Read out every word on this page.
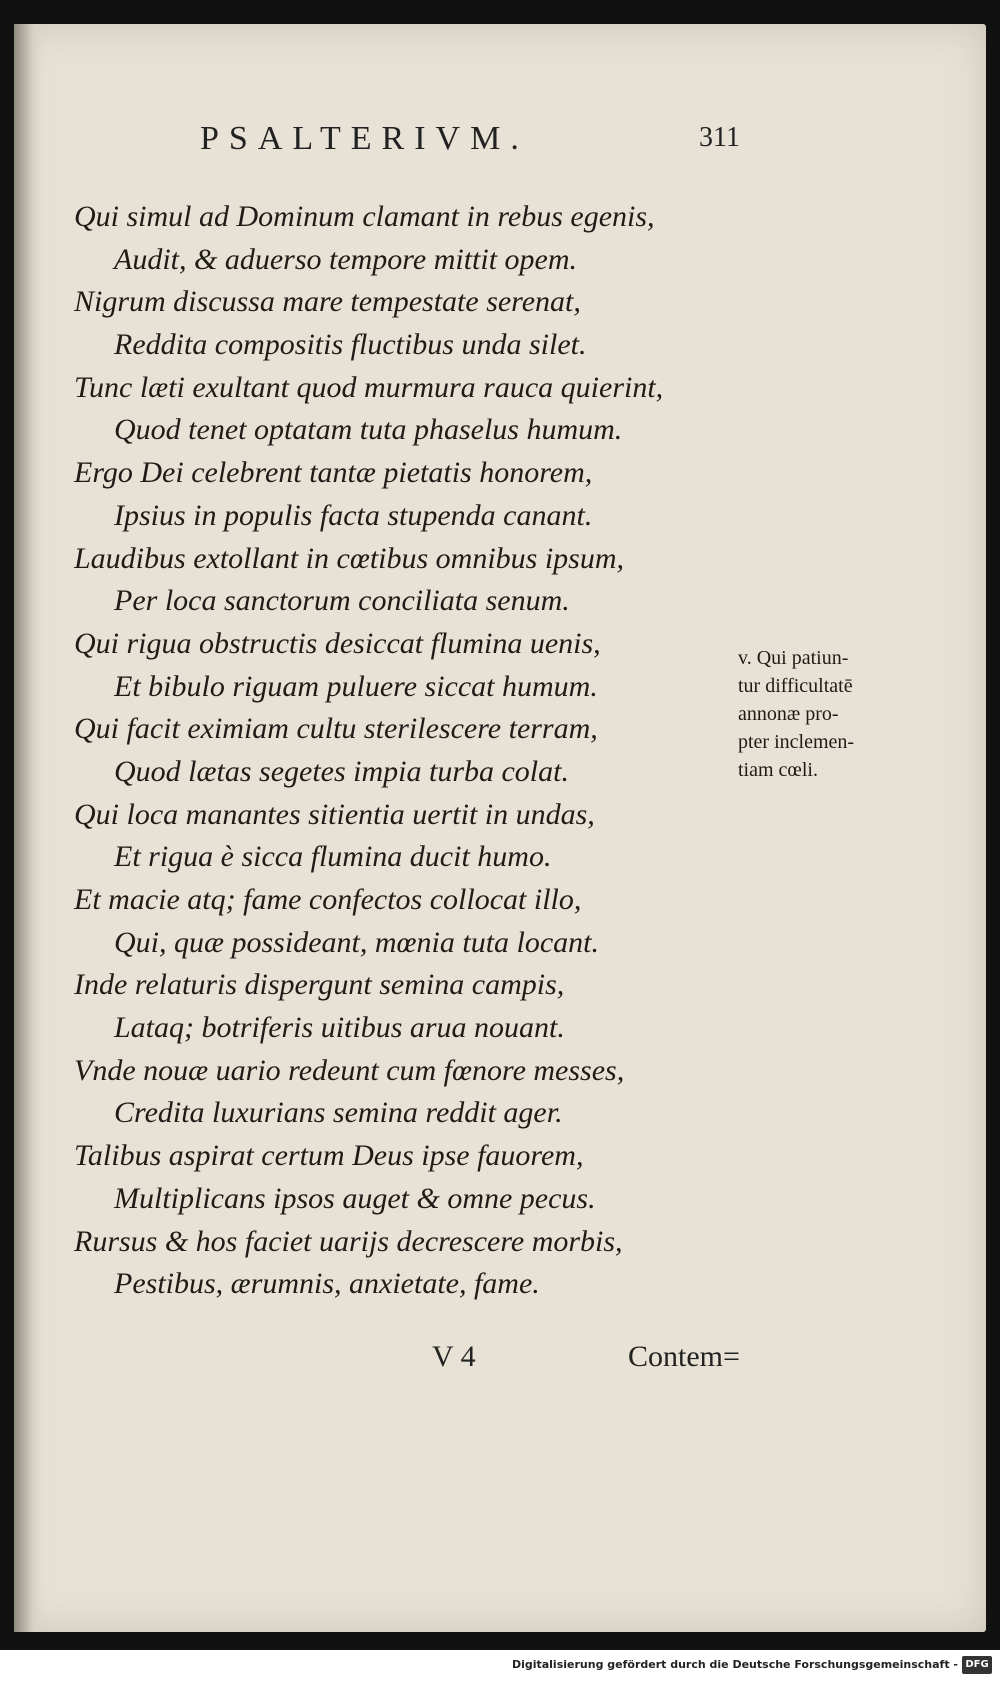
PSALTERIVM.	311
Qui simul ad Dominum clamant in rebus egenis,
Audit, & aduerso tempore mittit opem.
Nigrum discussa mare tempestate serenat,
Reddita compositis fluctibus unda silet.
Tunc læti exultant quod murmura rauca quierint,
Quod tenet optatam tuta phaselus humum.
Ergo Dei celebrent tantæ pietatis honorem,
Ipsius in populis facta stupenda canant.
Laudibus extollant in cœtibus omnibus ipsum,
Per loca sanctorum conciliata senum.
Qui rigua obstructis desiccat flumina uenis,
Et bibulo riguam puluere siccat humum.
Qui facit eximiam cultu sterilescere terram,
Quod lætas segetes impia turba colat.
Qui loca manantes sitientia uertit in undas,
Et rigua è sicca flumina ducit humo.
Et macie atq; fame confectos collocat illo,
Qui, quæ possideant, mœnia tuta locant.
Inde relaturis dispergunt semina campis,
Lataq; botriferis uitibus arua nouant.
Vnde nouæ uario redeunt cum fœnore messes,
Credita luxurians semina reddit ager.
Talibus aspirat certum Deus ipse fauorem,
Multiplicans ipsos auget & omne pecus.
Rursus & hos faciet uarijs decrescere morbis,
Pestibus, ærumnis, anxietate, fame.
v. Qui patiun-
tur difficultatē
annonæ pro-
pter inclemen-
tiam cœli.
V 4	Contem=
Digitalisierung gefördert durch die Deutsche Forschungsgemeinschaft - DFG
